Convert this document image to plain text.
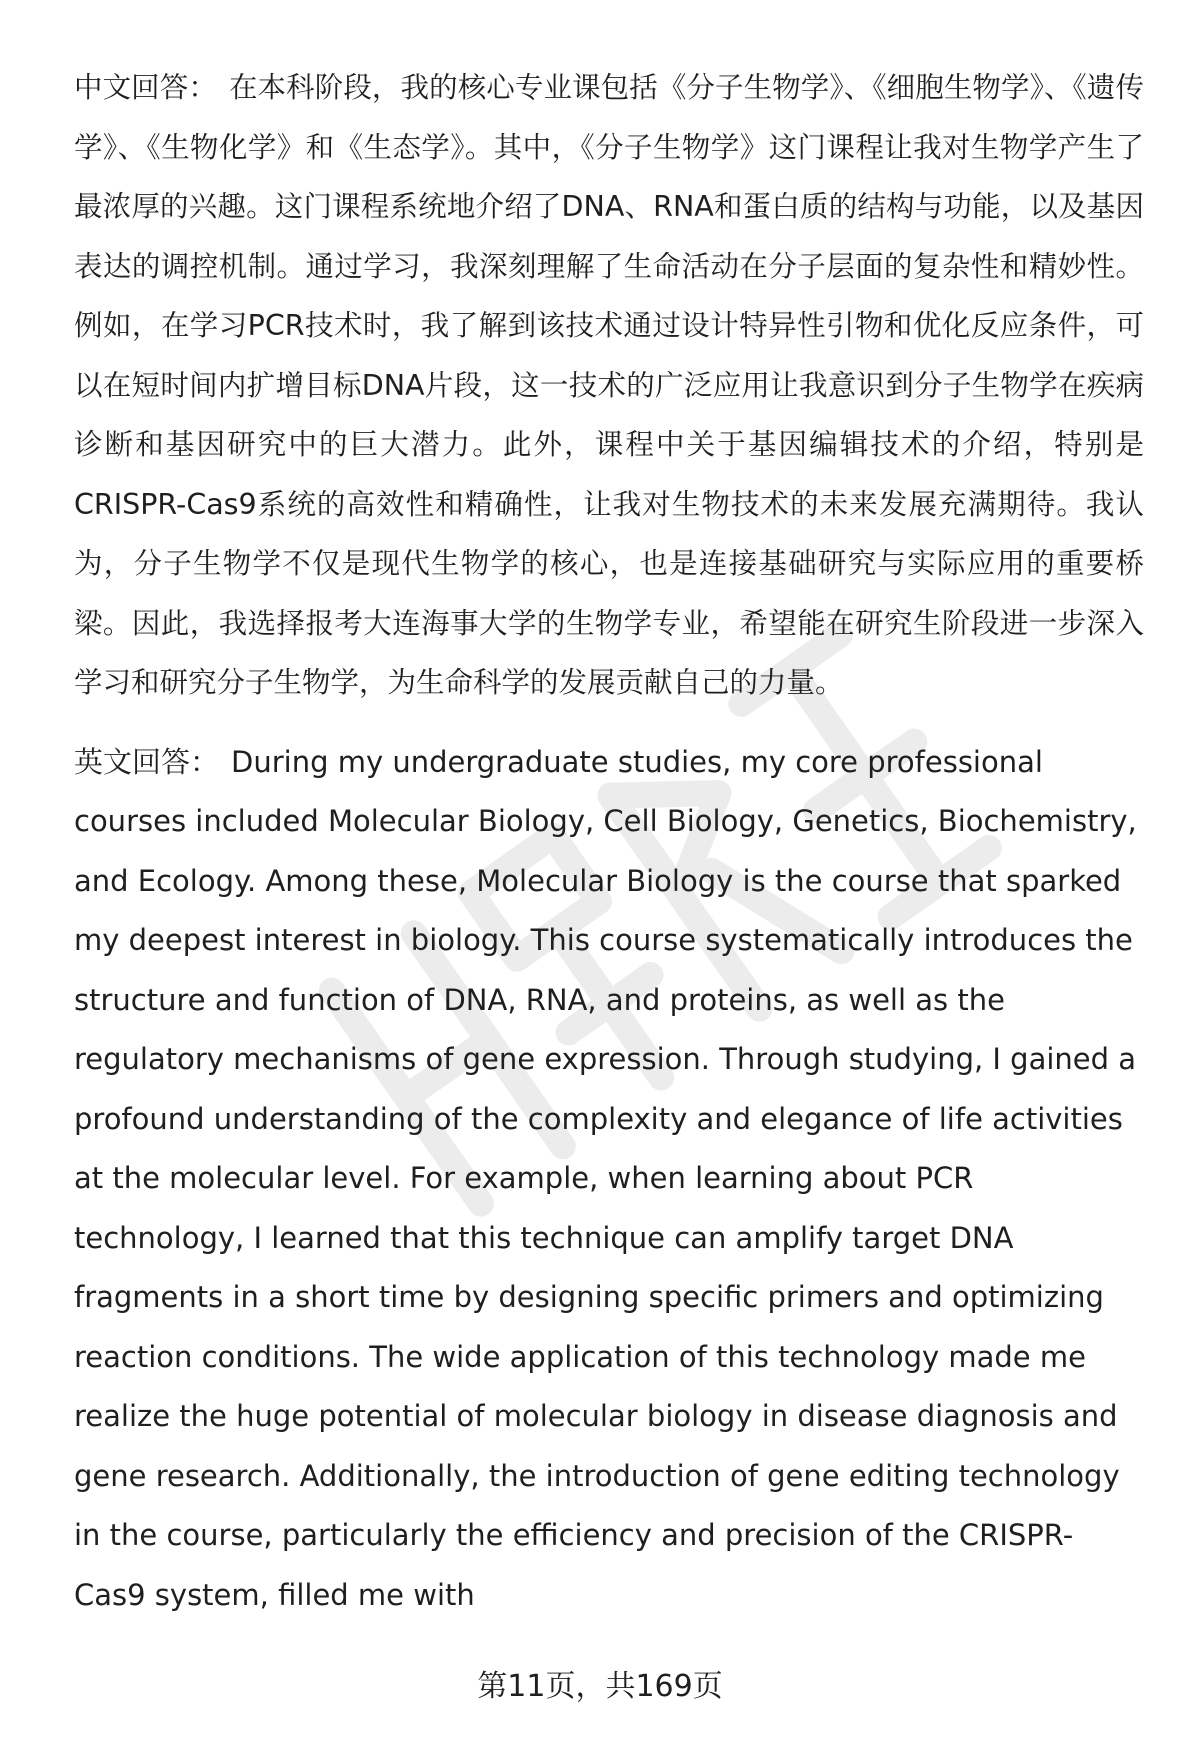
中文回答： 在本科阶段，我的核心专业课包括《分子生物学》、《细胞生物学》、《遗传学》、《生物化学》和《生态学》。其中，《分子生物学》这门课程让我对生物学产生了最浓厚的兴趣。这门课程系统地介绍了DNA、RNA和蛋白质的结构与功能，以及基因表达的调控机制。通过学习，我深刻理解了生命活动在分子层面的复杂性和精妙性。例如，在学习PCR技术时，我了解到该技术通过设计特异性引物和优化反应条件，可以在短时间内扩增目标DNA片段，这一技术的广泛应用让我意识到分子生物学在疾病诊断和基因研究中的巨大潜力。此外，课程中关于基因编辑技术的介绍，特别是CRISPR-Cas9系统的高效性和精确性，让我对生物技术的未来发展充满期待。我认为，分子生物学不仅是现代生物学的核心，也是连接基础研究与实际应用的重要桥梁。因此，我选择报考大连海事大学的生物学专业，希望能在研究生阶段进一步深入学习和研究分子生物学，为生命科学的发展贡献自己的力量。

英文回答： During my undergraduate studies, my core professional courses included Molecular Biology, Cell Biology, Genetics, Biochemistry, and Ecology. Among these, Molecular Biology is the course that sparked my deepest interest in biology. This course systematically introduces the structure and function of DNA, RNA, and proteins, as well as the regulatory mechanisms of gene expression. Through studying, I gained a profound understanding of the complexity and elegance of life activities at the molecular level. For example, when learning about PCR technology, I learned that this technique can amplify target DNA fragments in a short time by designing specific primers and optimizing reaction conditions. The wide application of this technology made me realize the huge potential of molecular biology in disease diagnosis and gene research. Additionally, the introduction of gene editing technology in the course, particularly the efficiency and precision of the CRISPR-Cas9 system, filled me with

第11页，共169页
